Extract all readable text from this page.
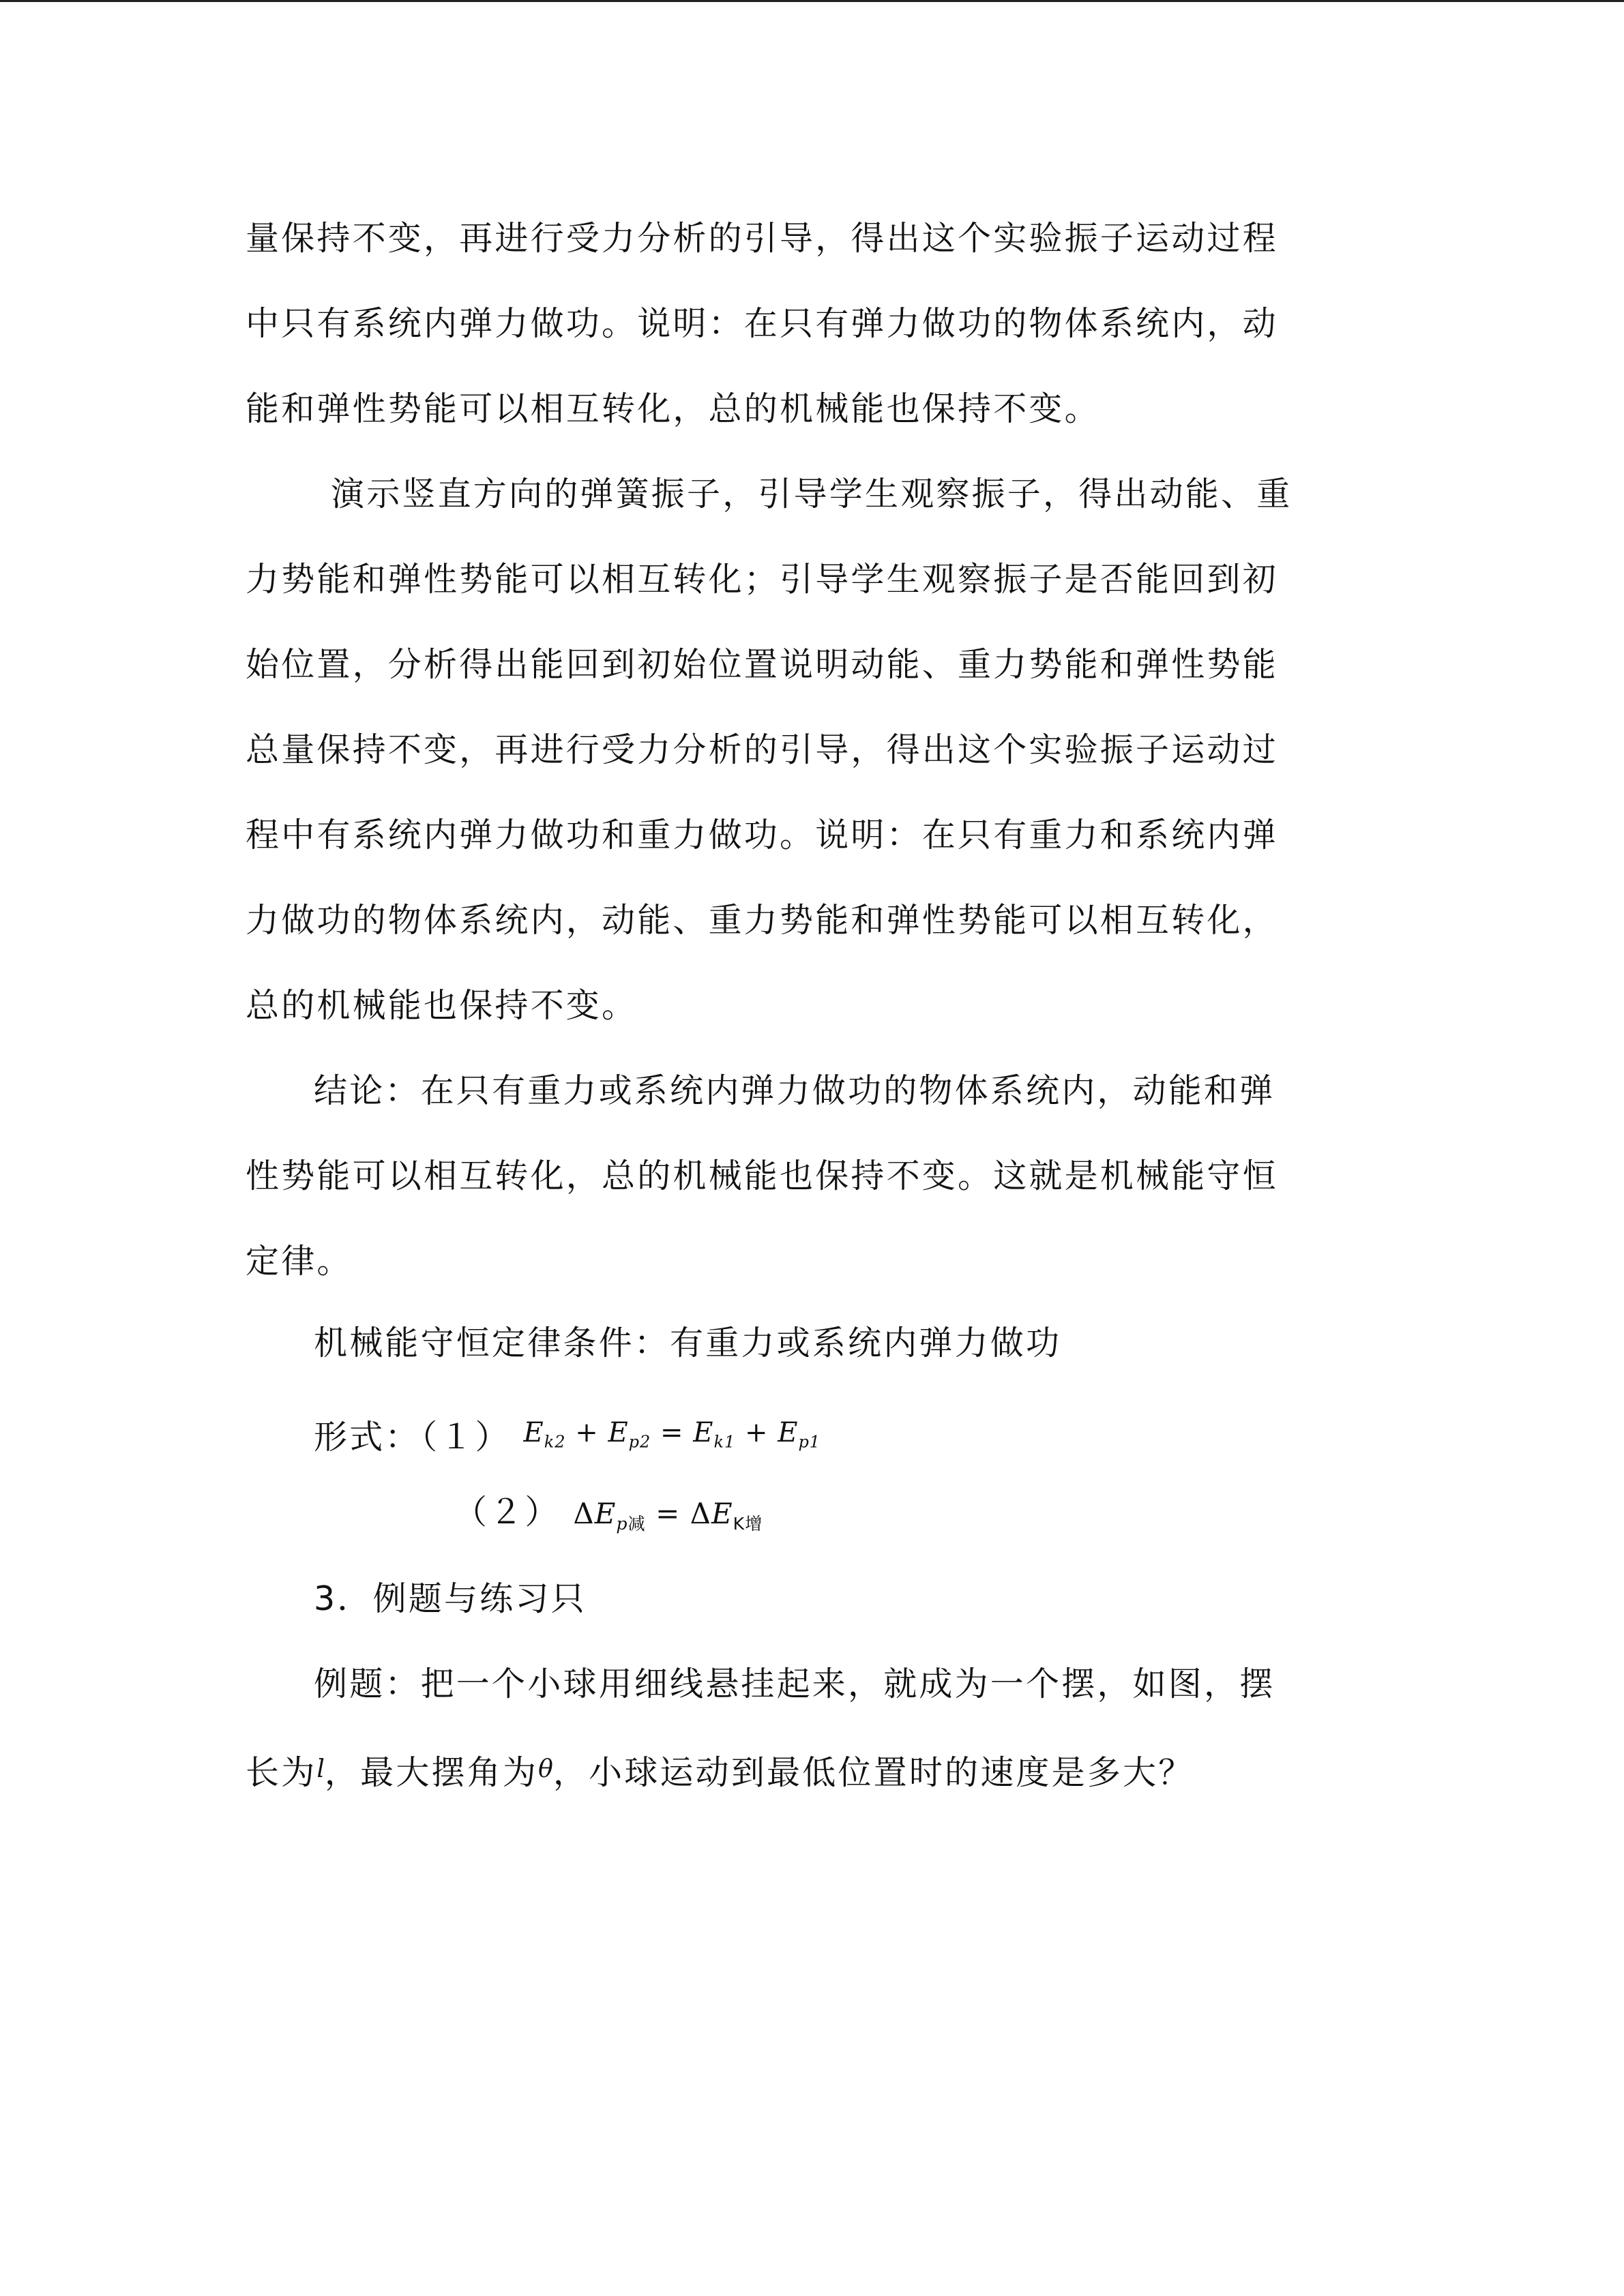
量保持不变，再进行受力分析的引导，得出这个实验振子运动过程
中只有系统内弹力做功。说明：在只有弹力做功的物体系统内，动
能和弹性势能可以相互转化，总的机械能也保持不变。
演示竖直方向的弹簧振子，引导学生观察振子，得出动能、重
力势能和弹性势能可以相互转化；引导学生观察振子是否能回到初
始位置，分析得出能回到初始位置说明动能、重力势能和弹性势能
总量保持不变，再进行受力分析的引导，得出这个实验振子运动过
程中有系统内弹力做功和重力做功。说明：在只有重力和系统内弹
力做功的物体系统内，动能、重力势能和弹性势能可以相互转化，
总的机械能也保持不变。
结论：在只有重力或系统内弹力做功的物体系统内，动能和弹
性势能可以相互转化，总的机械能也保持不变。这就是机械能守恒
定律。
机械能守恒定律条件：有重力或系统内弹力做功
形式：（１） $^{E_{k2} + E_{p2} = E_{k1} + E_{p1}}$
（２） $\Delta E_{p减} = \Delta E_{K增}$
3．例题与练习只
例题：把一个小球用细线悬挂起来，就成为一个摆，如图，摆
长为$^l$，最大摆角为$^\theta$，小球运动到最低位置时的速度是多大？
